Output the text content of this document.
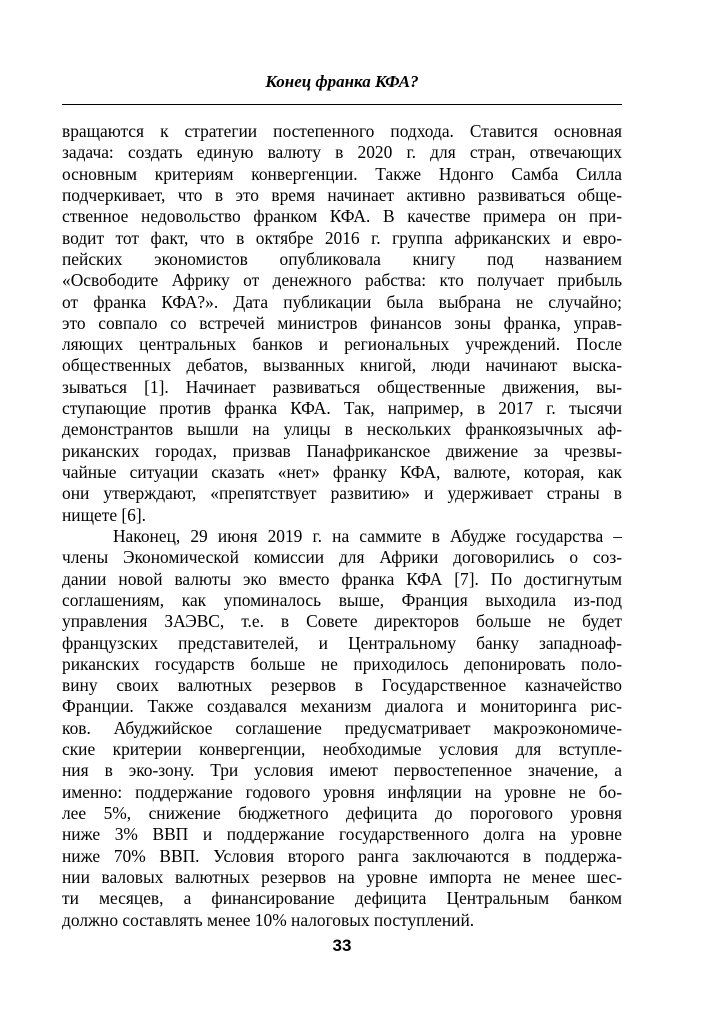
Конец франка КФА?
вращаются к стратегии постепенного подхода. Ставится основная
задача: создать единую валюту в 2020 г. для стран, отвечающих
основным критериям конвергенции. Также Ндонго Самба Силла
подчеркивает, что в это время начинает активно развиваться обще-
ственное недовольство франком КФА. В качестве примера он при-
водит тот факт, что в октябре 2016 г. группа африканских и евро-
пейских экономистов опубликовала книгу под названием
«Освободите Африку от денежного рабства: кто получает прибыль
от франка КФА?». Дата публикации была выбрана не случайно;
это совпало со встречей министров финансов зоны франка, управ-
ляющих центральных банков и региональных учреждений. После
общественных дебатов, вызванных книгой, люди начинают выска-
зываться [1]. Начинает развиваться общественные движения, вы-
ступающие против франка КФА. Так, например, в 2017 г. тысячи
демонстрантов вышли на улицы в нескольких франкоязычных аф-
риканских городах, призвав Панафриканское движение за чрезвы-
чайные ситуации сказать «нет» франку КФА, валюте, которая, как
они утверждают, «препятствует развитию» и удерживает страны в
нищете [6].
Наконец, 29 июня 2019 г. на саммите в Абудже государства –
члены Экономической комиссии для Африки договорились о соз-
дании новой валюты эко вместо франка КФА [7]. По достигнутым
соглашениям, как упоминалось выше, Франция выходила из-под
управления ЗАЭВС, т.е. в Совете директоров больше не будет
французских представителей, и Центральному банку западноаф-
риканских государств больше не приходилось депонировать поло-
вину своих валютных резервов в Государственное казначейство
Франции. Также создавался механизм диалога и мониторинга рис-
ков. Абуджийское соглашение предусматривает макроэкономиче-
ские критерии конвергенции, необходимые условия для вступле-
ния в эко-зону. Три условия имеют первостепенное значение, а
именно: поддержание годового уровня инфляции на уровне не бо-
лее 5%, снижение бюджетного дефицита до порогового уровня
ниже 3% ВВП и поддержание государственного долга на уровне
ниже 70% ВВП. Условия второго ранга заключаются в поддержа-
нии валовых валютных резервов на уровне импорта не менее шес-
ти месяцев, а финансирование дефицита Центральным банком
должно составлять менее 10% налоговых поступлений.
33
